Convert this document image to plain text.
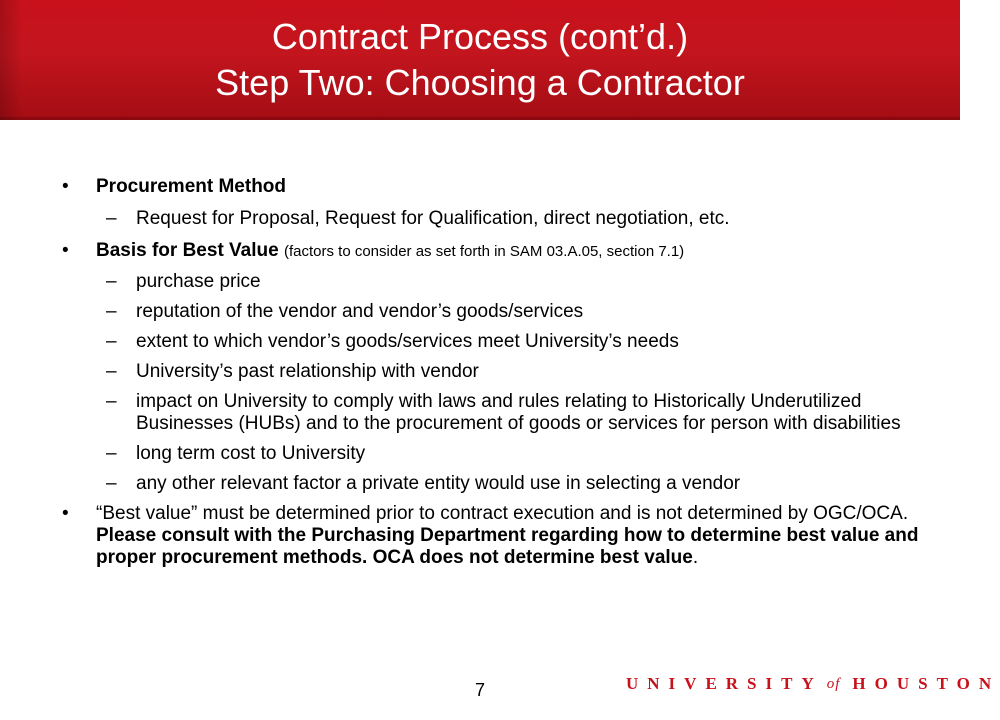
Contract Process (cont’d.)
Step Two: Choosing a Contractor
• Procurement Method
– Request for Proposal, Request for Qualification, direct negotiation, etc.
• Basis for Best Value (factors to consider as set forth in SAM 03.A.05, section 7.1)
– purchase price
– reputation of the vendor and vendor’s goods/services
– extent to which vendor’s goods/services meet University’s needs
– University’s past relationship with vendor
– impact on University to comply with laws and rules relating to Historically Underutilized Businesses (HUBs) and to the procurement of goods or services for person with disabilities
– long term cost to University
– any other relevant factor a private entity would use in selecting a vendor
• “Best value” must be determined prior to contract execution and is not determined by OGC/OCA. Please consult with the Purchasing Department regarding how to determine best value and proper procurement methods. OCA does not determine best value.
7	UNIVERSITY of HOUSTON
